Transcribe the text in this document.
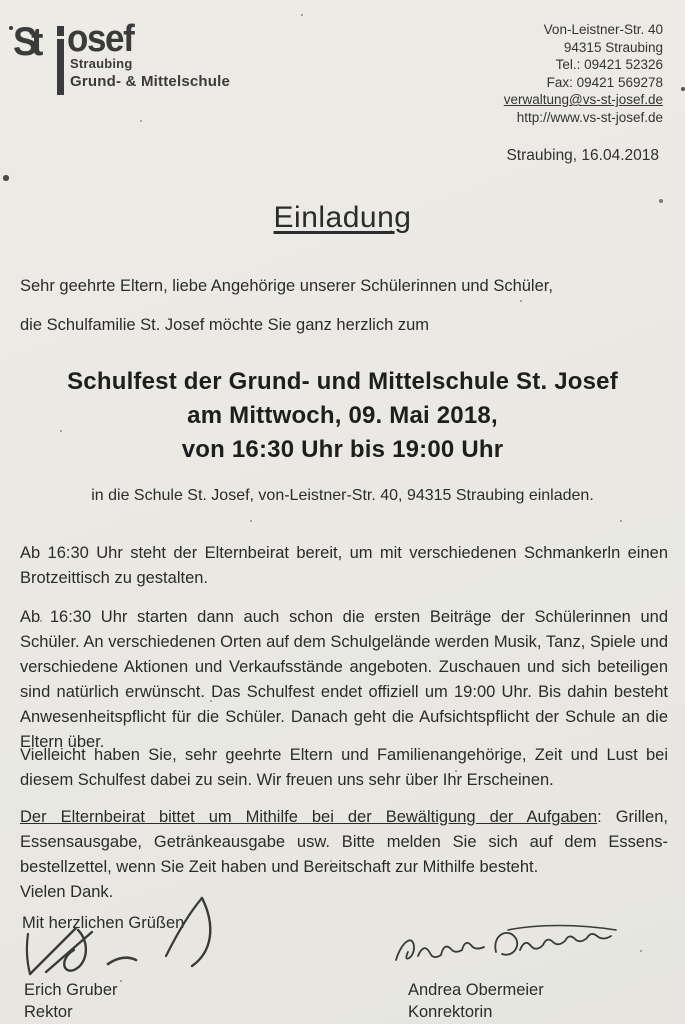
St osef
Straubing
Grund- & Mittelschule
Von-Leistner-Str. 40
94315 Straubing
Tel.: 09421 52326
Fax: 09421 569278
verwaltung@vs-st-josef.de
http://www.vs-st-josef.de
Straubing, 16.04.2018
Einladung
Sehr geehrte Eltern, liebe Angehörige unserer Schülerinnen und Schüler,
die Schulfamilie St. Josef möchte Sie ganz herzlich zum
Schulfest der Grund- und Mittelschule St. Josef
am Mittwoch, 09. Mai 2018,
von 16:30 Uhr bis 19:00 Uhr
in die Schule St. Josef, von-Leistner-Str. 40, 94315 Straubing einladen.
Ab 16:30 Uhr steht der Elternbeirat bereit, um mit verschiedenen Schmankerln einen Brotzeittisch zu gestalten.
Ab 16:30 Uhr starten dann auch schon die ersten Beiträge der Schülerinnen und Schüler. An verschiedenen Orten auf dem Schulgelände werden Musik, Tanz, Spiele und verschiedene Aktionen und Verkaufsstände angeboten. Zuschauen und sich beteiligen sind natürlich erwünscht. Das Schulfest endet offiziell um 19:00 Uhr. Bis dahin besteht Anwesenheitspflicht für die Schüler. Danach geht die Aufsichtspflicht der Schule an die Eltern über.
Vielleicht haben Sie, sehr geehrte Eltern und Familienangehörige, Zeit und Lust bei diesem Schulfest dabei zu sein. Wir freuen uns sehr über Ihr Erscheinen.
Der Elternbeirat bittet um Mithilfe bei der Bewältigung der Aufgaben: Grillen, Essensausgabe, Getränkeausgabe usw. Bitte melden Sie sich auf dem Essens-bestellzettel, wenn Sie Zeit haben und Bereitschaft zur Mithilfe besteht.
Vielen Dank.
Mit herzlichen Grüßen
Erich Gruber
Rektor
Andrea Obermeier
Konrektorin
